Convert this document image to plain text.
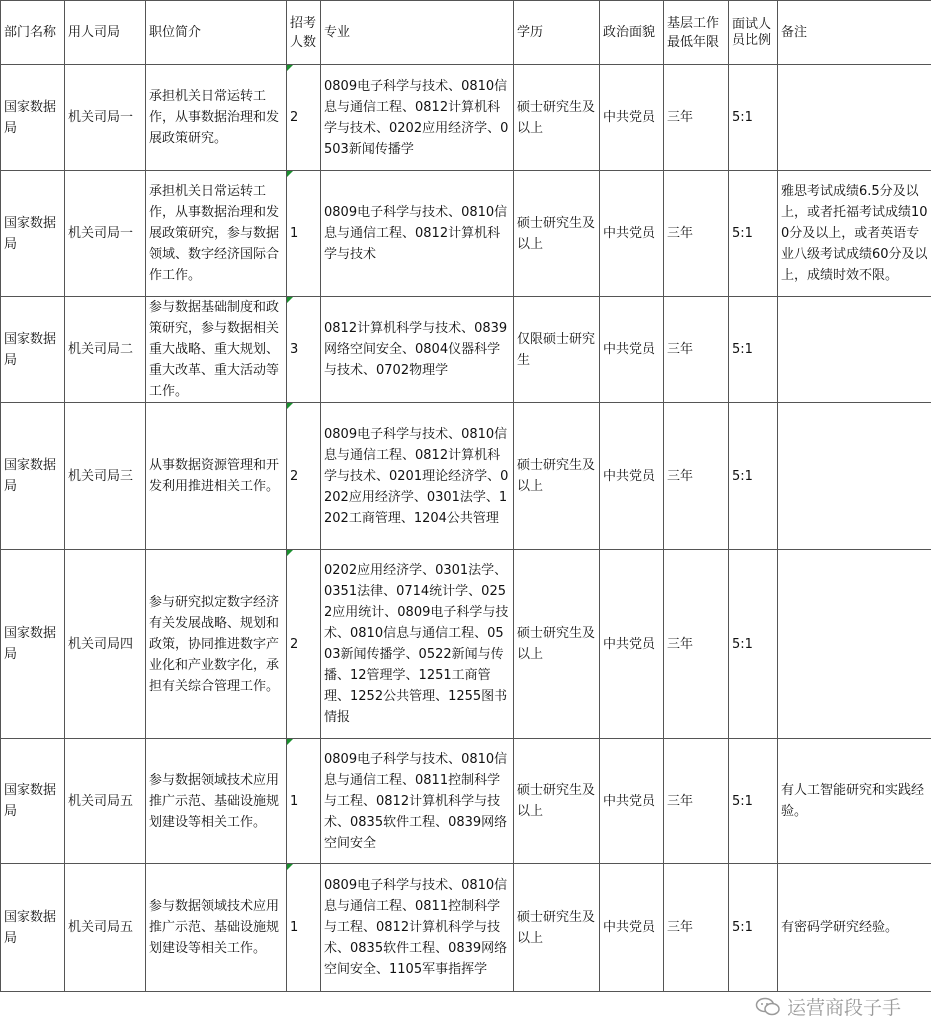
部门名称	用人司局	职位简介	招考人数	专业	学历	政治面貌	基层工作最低年限	面试人员比例	备注
国家数据局	机关司局一	承担机关日常运转工作，从事数据治理和发展政策研究。	2	0809电子科学与技术、0810信息与通信工程、0812计算机科学与技术、0202应用经济学、0503新闻传播学	硕士研究生及以上	中共党员	三年	5:1	
国家数据局	机关司局一	承担机关日常运转工作，从事数据治理和发展政策研究，参与数据领域、数字经济国际合作工作。	1	0809电子科学与技术、0810信息与通信工程、0812计算机科学与技术	硕士研究生及以上	中共党员	三年	5:1	雅思考试成绩6.5分及以上，或者托福考试成绩100分及以上，或者英语专业八级考试成绩60分及以上，成绩时效不限。
国家数据局	机关司局二	参与数据基础制度和政策研究，参与数据相关重大战略、重大规划、重大改革、重大活动等工作。	3	0812计算机科学与技术、0839网络空间安全、0804仪器科学与技术、0702物理学	仅限硕士研究生	中共党员	三年	5:1	
国家数据局	机关司局三	从事数据资源管理和开发利用推进相关工作。	2	0809电子科学与技术、0810信息与通信工程、0812计算机科学与技术、0201理论经济学、0202应用经济学、0301法学、1202工商管理、1204公共管理	硕士研究生及以上	中共党员	三年	5:1	
国家数据局	机关司局四	参与研究拟定数字经济有关发展战略、规划和政策，协同推进数字产业化和产业数字化，承担有关综合管理工作。	2	0202应用经济学、0301法学、0351法律、0714统计学、0252应用统计、0809电子科学与技术、0810信息与通信工程、0503新闻传播学、0522新闻与传播、12管理学、1251工商管理、1252公共管理、1255图书情报	硕士研究生及以上	中共党员	三年	5:1	
国家数据局	机关司局五	参与数据领域技术应用推广示范、基础设施规划建设等相关工作。	1	0809电子科学与技术、0810信息与通信工程、0811控制科学与工程、0812计算机科学与技术、0835软件工程、0839网络空间安全	硕士研究生及以上	中共党员	三年	5:1	有人工智能研究和实践经验。
国家数据局	机关司局五	参与数据领域技术应用推广示范、基础设施规划建设等相关工作。	1	0809电子科学与技术、0810信息与通信工程、0811控制科学与工程、0812计算机科学与技术、0835软件工程、0839网络空间安全、1105军事指挥学	硕士研究生及以上	中共党员	三年	5:1	有密码学研究经验。
运营商段子手
